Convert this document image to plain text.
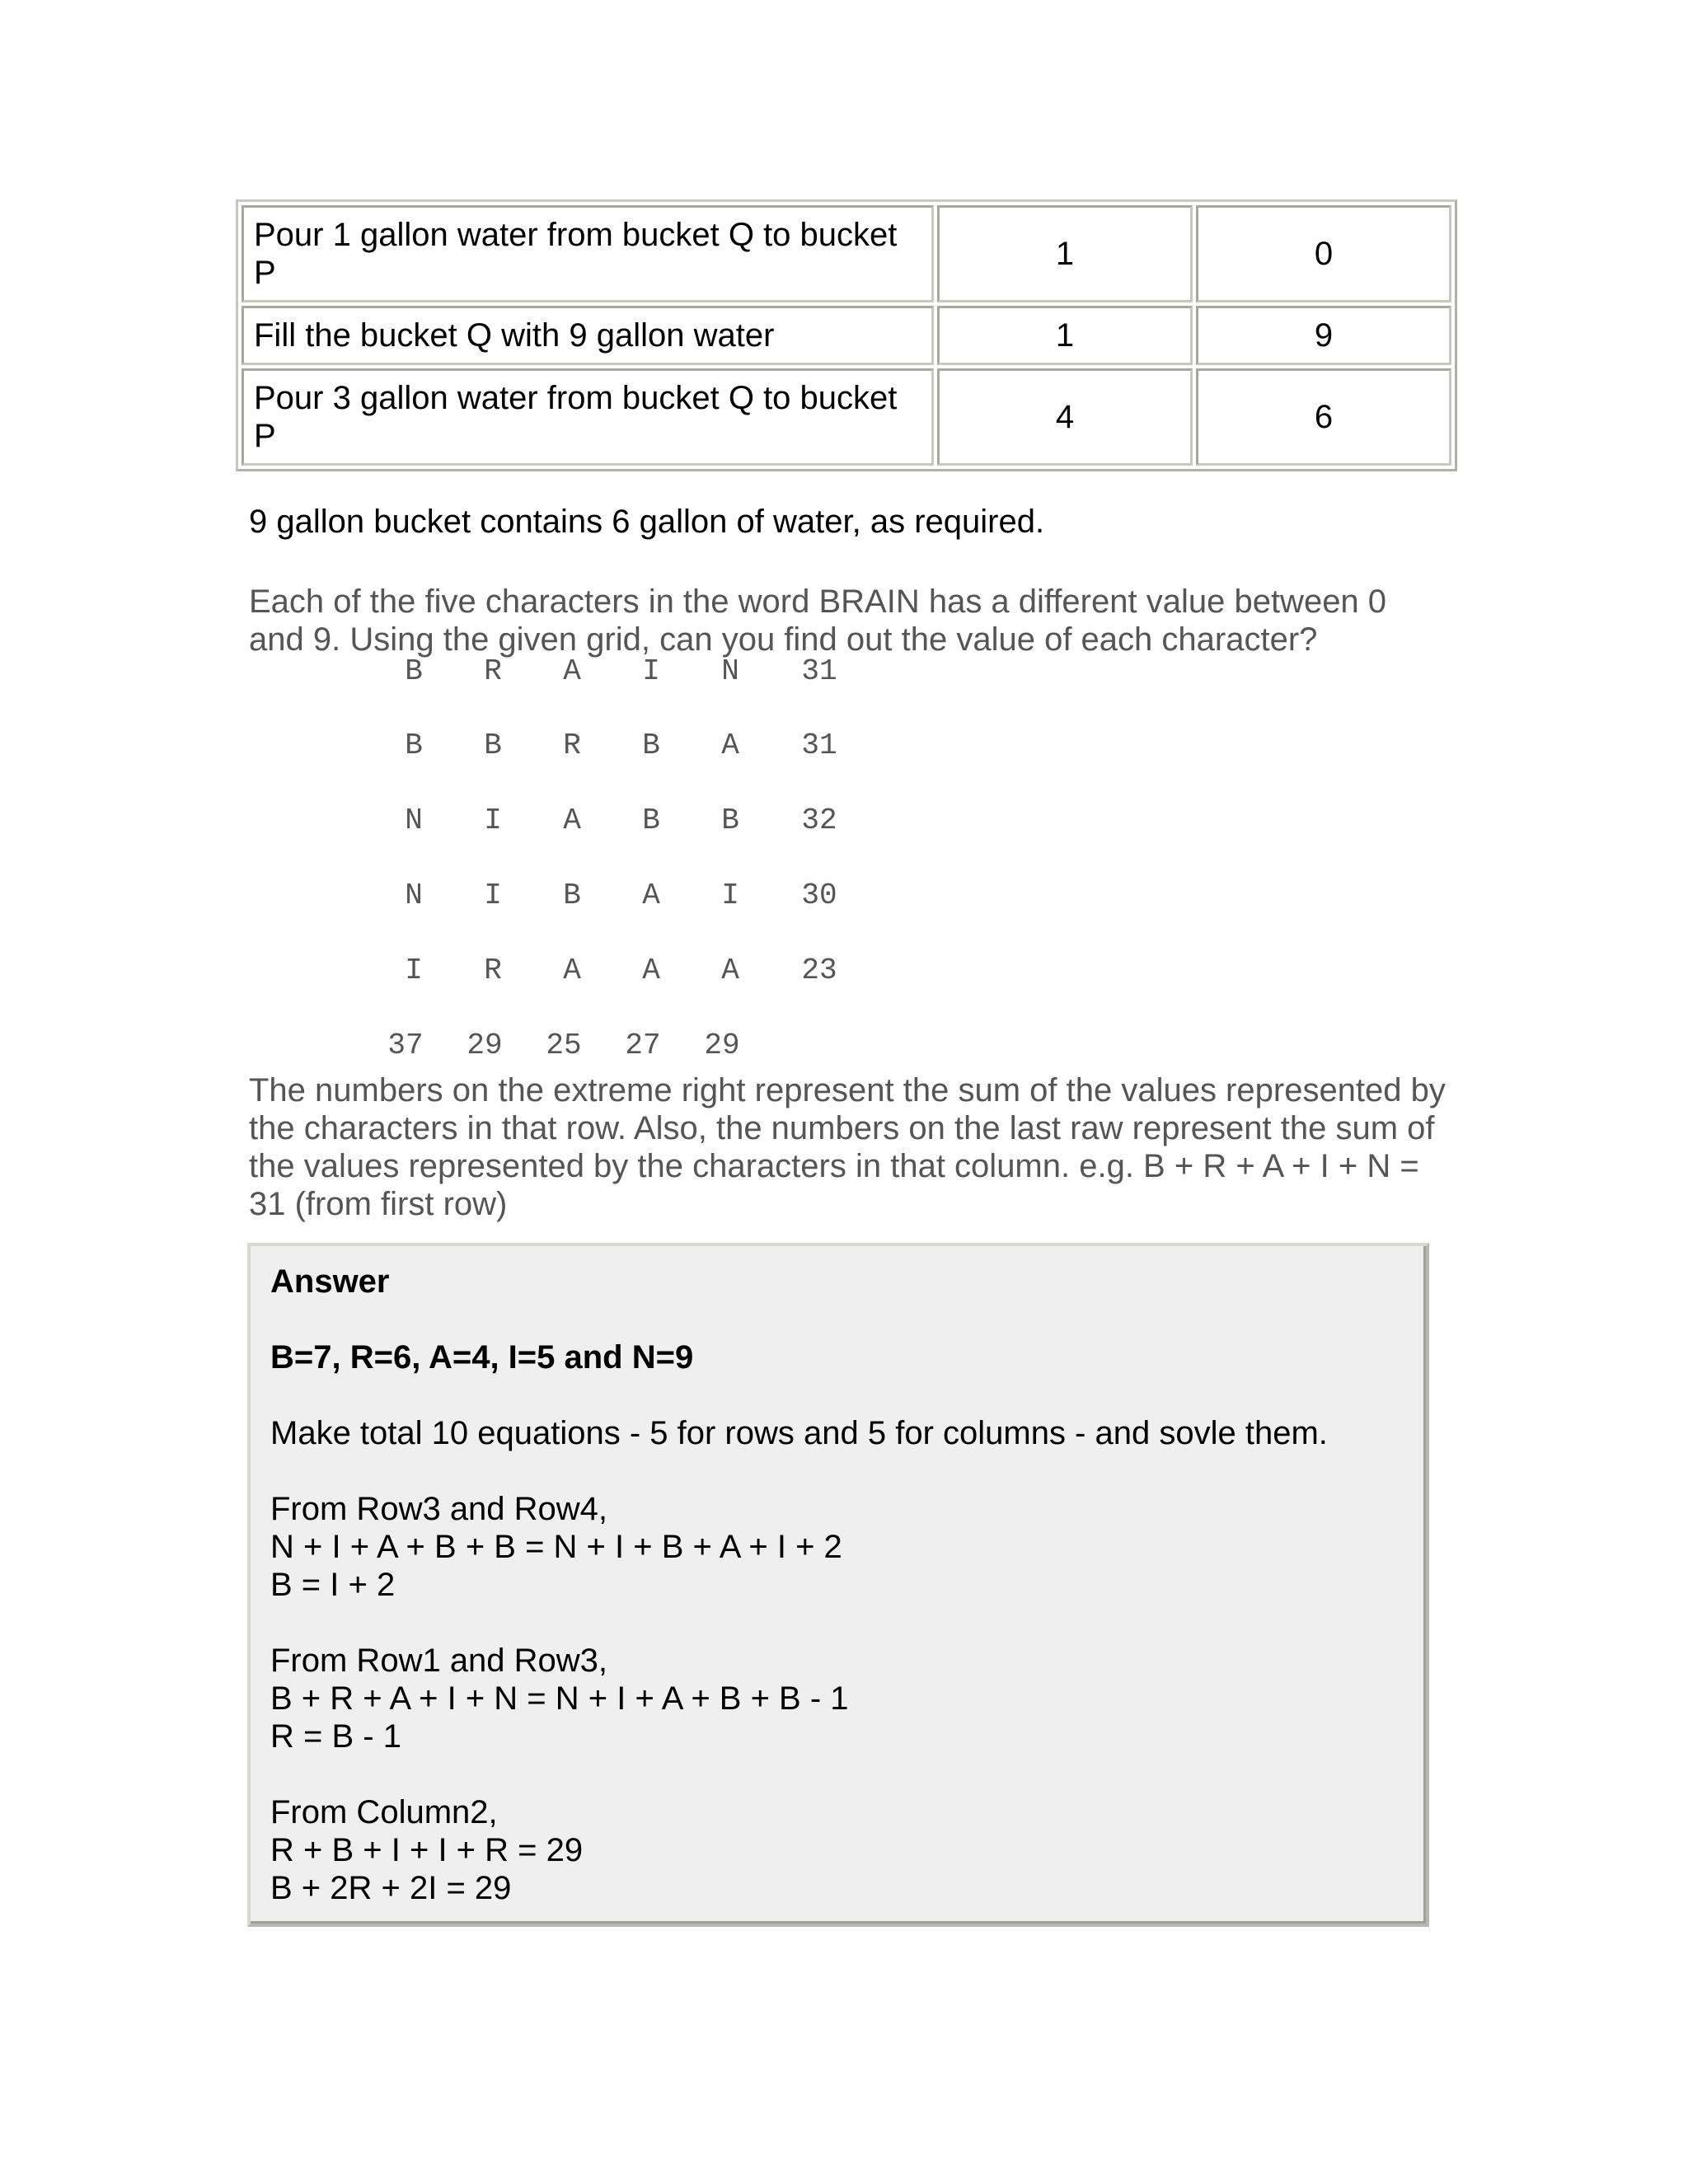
Pour 1 gallon water from bucket Q to bucket P	1	0
Fill the bucket Q with 9 gallon water	1	9
Pour 3 gallon water from bucket Q to bucket P	4	6

9 gallon bucket contains 6 gallon of water, as required.

Each of the five characters in the word BRAIN has a different value between 0 and 9. Using the given grid, can you find out the value of each character?

B R A I N 31
B B R B A 31
N I A B B 32
N I B A I 30
I R A A A 23
37 29 25 27 29

The numbers on the extreme right represent the sum of the values represented by the characters in that row. Also, the numbers on the last raw represent the sum of the values represented by the characters in that column. e.g. B + R + A + I + N = 31 (from first row)

Answer

B=7, R=6, A=4, I=5 and N=9

Make total 10 equations - 5 for rows and 5 for columns - and sovle them.

From Row3 and Row4,

N + I + A + B + B = N + I + B + A + I + 2

B = I + 2

From Row1 and Row3,

B + R + A + I + N = N + I + A + B + B - 1

R = B - 1

From Column2,

R + B + I + I + R = 29

B + 2R + 2I = 29
